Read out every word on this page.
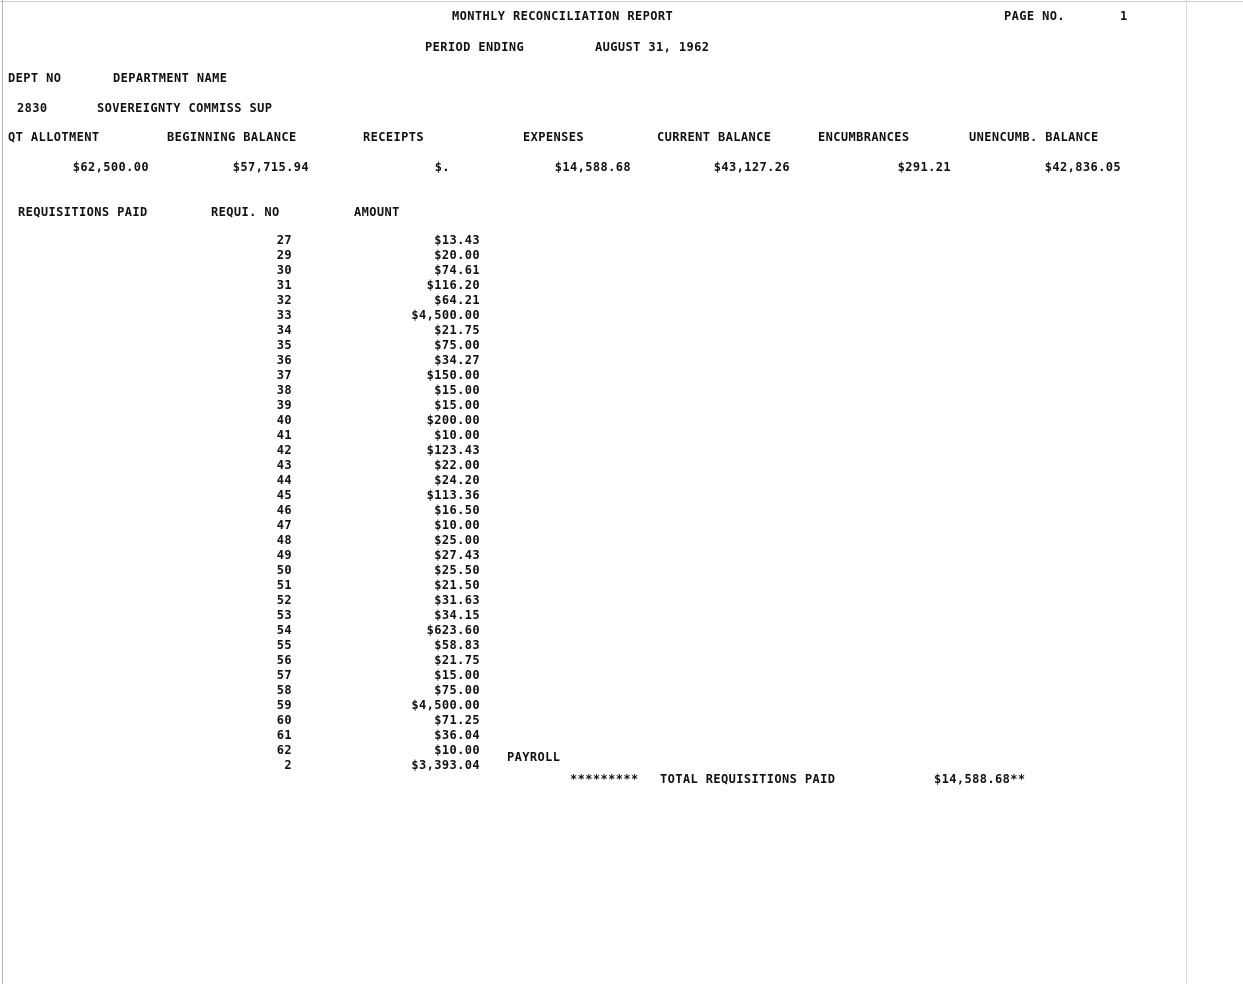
MONTHLY RECONCILIATION REPORT	PAGE NO.	1
PERIOD ENDING	AUGUST 31, 1962
DEPT NO	DEPARTMENT NAME
2830	SOVEREIGNTY COMMISS SUP
QT ALLOTMENT	BEGINNING BALANCE	RECEIPTS	EXPENSES	CURRENT BALANCE	ENCUMBRANCES	UNENCUMB. BALANCE
$62,500.00	$57,715.94	$.	$14,588.68	$43,127.26	$291.21	$42,836.05
REQUISITIONS PAID	REQUI. NO	AMOUNT
27	$13.43
29	$20.00
30	$74.61
31	$116.20
32	$64.21
33	$4,500.00
34	$21.75
35	$75.00
36	$34.27
37	$150.00
38	$15.00
39	$15.00
40	$200.00
41	$10.00
42	$123.43
43	$22.00
44	$24.20
45	$113.36
46	$16.50
47	$10.00
48	$25.00
49	$27.43
50	$25.50
51	$21.50
52	$31.63
53	$34.15
54	$623.60
55	$58.83
56	$21.75
57	$15.00
58	$75.00
59	$4,500.00
60	$71.25
61	$36.04
62	$10.00
2	$3,393.04
PAYROLL
********* TOTAL REQUISITIONS PAID	$14,588.68**
